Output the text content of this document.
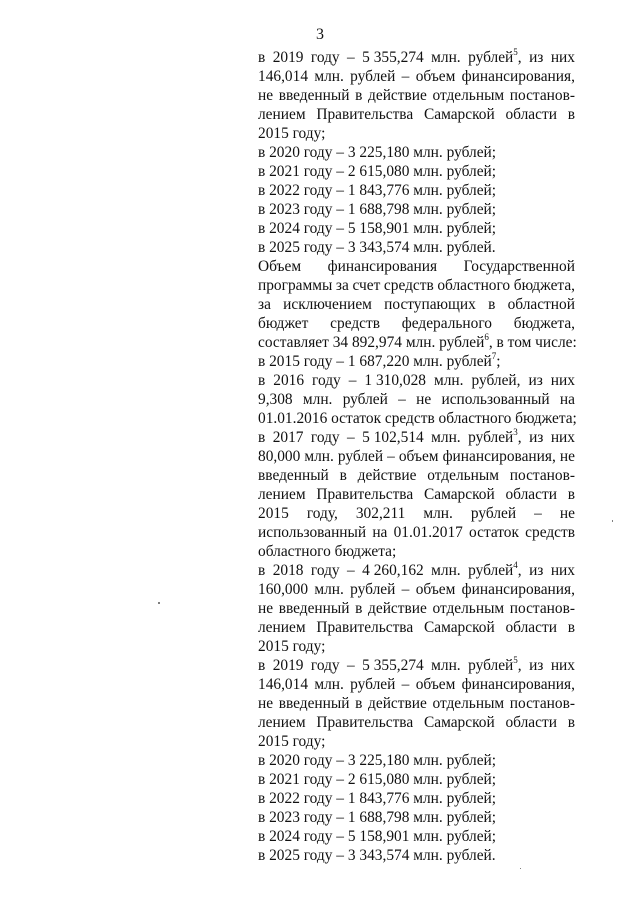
3
в 2019 году – 5 355,274 млн. рублей$^5$, из них
146,014 млн. рублей – объем финансирования,
не введенный в действие отдельным постанов-
лением Правительства Самарской области в
2015 году;
в 2020 году – 3 225,180 млн. рублей;
в 2021 году – 2 615,080 млн. рублей;
в 2022 году – 1 843,776 млн. рублей;
в 2023 году – 1 688,798 млн. рублей;
в 2024 году – 5 158,901 млн. рублей;
в 2025 году – 3 343,574 млн. рублей.
Объем финансирования Государственной
программы за счет средств областного бюджета,
за исключением поступающих в областной
бюджет средств федерального бюджета,
составляет 34 892,974 млн. рублей$^6$, в том числе:
в 2015 году – 1 687,220 млн. рублей$^7$;
в 2016 году – 1 310,028 млн. рублей, из них
9,308 млн. рублей – не использованный на
01.01.2016 остаток средств областного бюджета;
в 2017 году – 5 102,514 млн. рублей$^3$, из них
80,000 млн. рублей – объем финансирования, не
введенный в действие отдельным постанов-
лением Правительства Самарской области в
2015 году, 302,211 млн. рублей – не
использованный на 01.01.2017 остаток средств
областного бюджета;
в 2018 году – 4 260,162 млн. рублей$^4$, из них
160,000 млн. рублей – объем финансирования,
не введенный в действие отдельным постанов-
лением Правительства Самарской области в
2015 году;
в 2019 году – 5 355,274 млн. рублей$^5$, из них
146,014 млн. рублей – объем финансирования,
не введенный в действие отдельным постанов-
лением Правительства Самарской области в
2015 году;
в 2020 году – 3 225,180 млн. рублей;
в 2021 году – 2 615,080 млн. рублей;
в 2022 году – 1 843,776 млн. рублей;
в 2023 году – 1 688,798 млн. рублей;
в 2024 году – 5 158,901 млн. рублей;
в 2025 году – 3 343,574 млн. рублей.
